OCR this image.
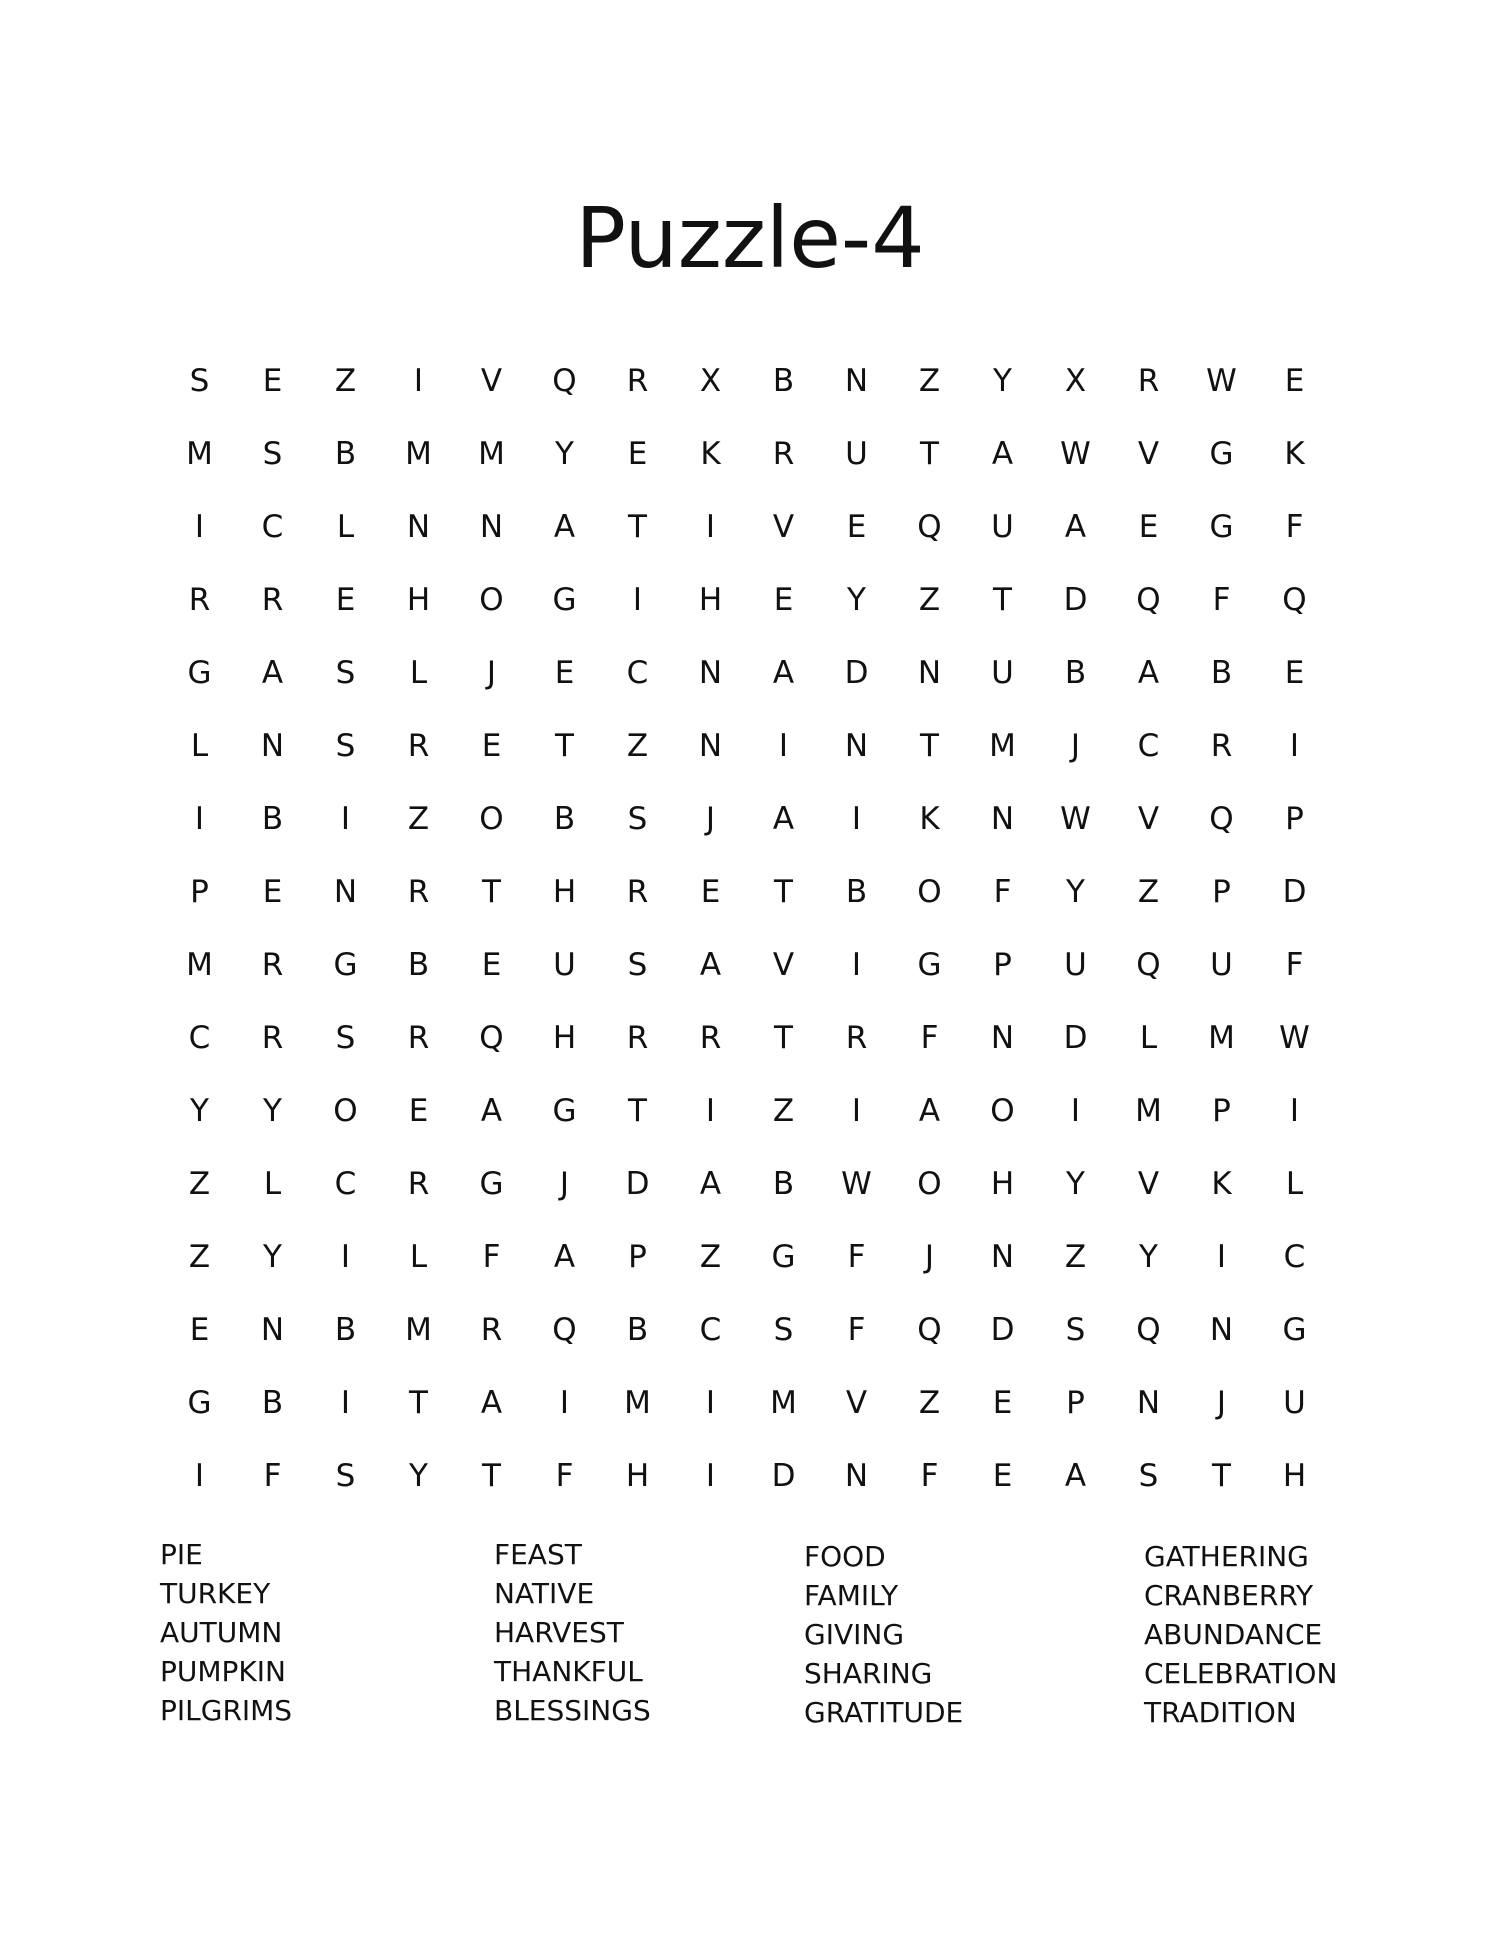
Puzzle-4
S	E	Z	I	V	Q	R	X	B	N	Z	Y	X	R	W	E
M	S	B	M	M	Y	E	K	R	U	T	A	W	V	G	K
I	C	L	N	N	A	T	I	V	E	Q	U	A	E	G	F
R	R	E	H	O	G	I	H	E	Y	Z	T	D	Q	F	Q
G	A	S	L	J	E	C	N	A	D	N	U	B	A	B	E
L	N	S	R	E	T	Z	N	I	N	T	M	J	C	R	I
I	B	I	Z	O	B	S	J	A	I	K	N	W	V	Q	P
P	E	N	R	T	H	R	E	T	B	O	F	Y	Z	P	D
M	R	G	B	E	U	S	A	V	I	G	P	U	Q	U	F
C	R	S	R	Q	H	R	R	T	R	F	N	D	L	M	W
Y	Y	O	E	A	G	T	I	Z	I	A	O	I	M	P	I
Z	L	C	R	G	J	D	A	B	W	O	H	Y	V	K	L
Z	Y	I	L	F	A	P	Z	G	F	J	N	Z	Y	I	C
E	N	B	M	R	Q	B	C	S	F	Q	D	S	Q	N	G
G	B	I	T	A	I	M	I	M	V	Z	E	P	N	J	U
I	F	S	Y	T	F	H	I	D	N	F	E	A	S	T	H
PIE
TURKEY
AUTUMN
PUMPKIN
PILGRIMS
FEAST
NATIVE
HARVEST
THANKFUL
BLESSINGS
FOOD
FAMILY
GIVING
SHARING
GRATITUDE
GATHERING
CRANBERRY
ABUNDANCE
CELEBRATION
TRADITION
